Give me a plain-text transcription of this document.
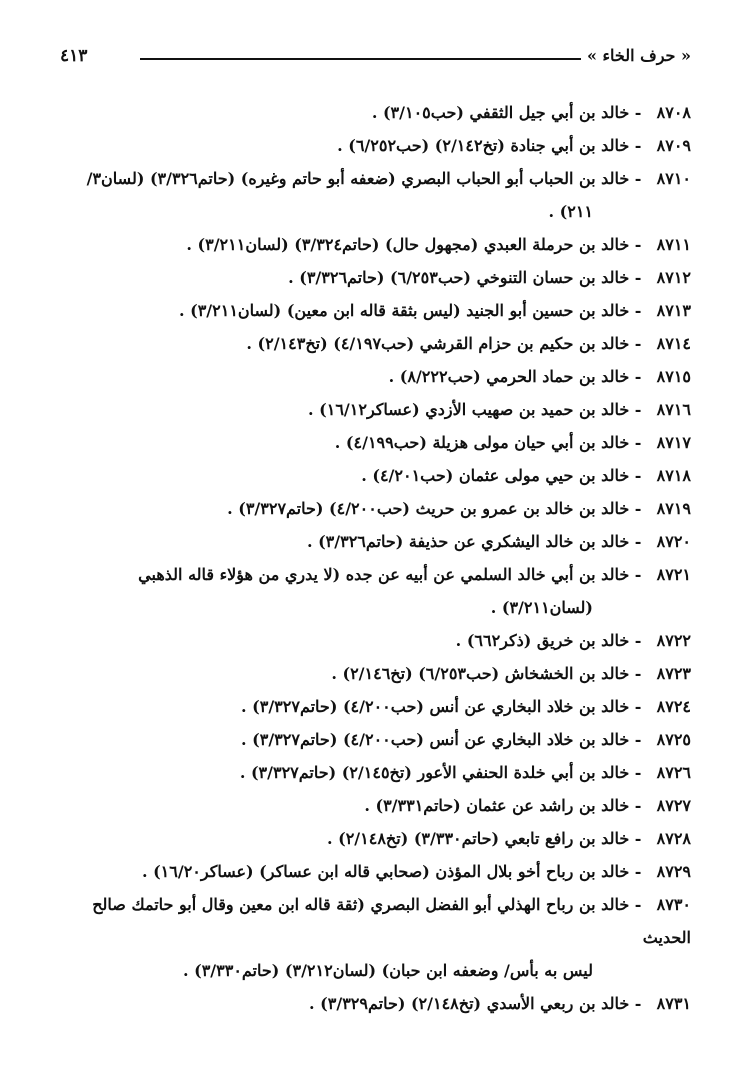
« حرف الخاء »
٤١٣
٨٧٠٨ - خالد بن أبي جيل الثقفي (حب٣/١٠٥) .
٨٧٠٩ - خالد بن أبي جنادة (تخ٢/١٤٢) (حب٦/٢٥٢) .
٨٧١٠ - خالد بن الحباب أبو الحباب البصري (ضعفه أبو حاتم وغيره) (حاتم٣/٣٢٦) (لسان٣/
٢١١) .
٨٧١١ - خالد بن حرملة العبدي (مجهول حال) (حاتم٣/٣٢٤) (لسان٣/٢١١) .
٨٧١٢ - خالد بن حسان التنوخي (حب٦/٢٥٣) (حاتم٣/٣٢٦) .
٨٧١٣ - خالد بن حسين أبو الجنيد (ليس بثقة قاله ابن معين) (لسان٣/٢١١) .
٨٧١٤ - خالد بن حكيم بن حزام القرشي (حب٤/١٩٧) (تخ٢/١٤٣) .
٨٧١٥ - خالد بن حماد الحرمي (حب٨/٢٢٢) .
٨٧١٦ - خالد بن حميد بن صهيب الأزدي (عساكر١٦/١٢) .
٨٧١٧ - خالد بن أبي حيان مولى هزيلة (حب٤/١٩٩) .
٨٧١٨ - خالد بن حيي مولى عثمان (حب٤/٢٠١) .
٨٧١٩ - خالد بن خالد بن عمرو بن حريث (حب٤/٢٠٠) (حاتم٣/٣٢٧) .
٨٧٢٠ - خالد بن خالد اليشكري عن حذيفة (حاتم٣/٣٢٦) .
٨٧٢١ - خالد بن أبي خالد السلمي عن أبيه عن جده (لا يدري من هؤلاء قاله الذهبي
(لسان٣/٢١١) .
٨٧٢٢ - خالد بن خريق (ذكر٦٦٢) .
٨٧٢٣ - خالد بن الخشخاش (حب٦/٢٥٣) (تخ٢/١٤٦) .
٨٧٢٤ - خالد بن خلاد البخاري عن أنس (حب٤/٢٠٠) (حاتم٣/٣٢٧) .
٨٧٢٥ - خالد بن خلاد البخاري عن أنس (حب٤/٢٠٠) (حاتم٣/٣٢٧) .
٨٧٢٦ - خالد بن أبي خلدة الحنفي الأعور (تخ٢/١٤٥) (حاتم٣/٣٢٧) .
٨٧٢٧ - خالد بن راشد عن عثمان (حاتم٣/٣٣١) .
٨٧٢٨ - خالد بن رافع تابعي (حاتم٣/٣٣٠) (تخ٢/١٤٨) .
٨٧٢٩ - خالد بن رباح أخو بلال المؤذن (صحابي قاله ابن عساكر) (عساكر١٦/٢٠) .
٨٧٣٠ - خالد بن رباح الهذلي أبو الفضل البصري (ثقة قاله ابن معين وقال أبو حاتمك صالح الحديث
ليس به بأس/ وضعفه ابن حبان) (لسان٣/٢١٢) (حاتم٣/٣٣٠) .
٨٧٣١ - خالد بن ربعي الأسدي (تخ٢/١٤٨) (حاتم٣/٣٢٩) .
